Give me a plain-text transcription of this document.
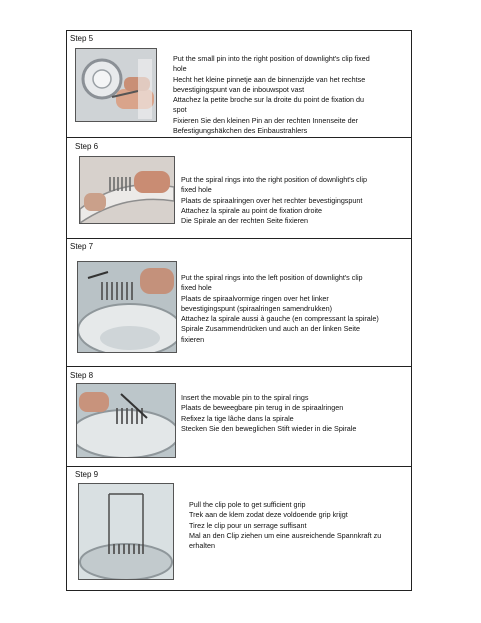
Step 5
Put the small pin into the right position of downlight's clip fixed
hole
Hecht het kleine pinnetje aan de binnenzijde van het rechtse
bevestigingspunt van de inbouwspot vast
Attachez la petite broche sur la droite du point de fixation du
spot
Fixieren Sie den kleinen Pin an der rechten Innenseite der
Befestigungshäkchen des Einbaustrahlers
Step 6
Put the spiral rings into the right position of downlight's clip
fixed hole
Plaats de spiraalringen over het rechter bevestigingspunt
Attachez la spirale au point de fixation droite
Die Spirale an der rechten Seite fixieren
Step 7
Put the spiral rings into the left position of downlight's clip
fixed hole
Plaats de spiraalvormige ringen over het linker
bevestigingspunt (spiraalringen samendrukken)
Attachez la spirale aussi à gauche (en compressant la spirale)
Spirale Zusammendrücken und auch an der linken Seite
fixieren
Step 8
Insert the movable pin to the spiral rings
Plaats de beweegbare pin terug in de spiraalringen
Refixez la tige lâche dans la spirale
Stecken Sie den beweglichen Stift wieder in die Spirale
Step 9
Pull the clip pole to get sufficient grip
Trek aan de klem zodat deze voldoende grip krijgt
Tirez le clip pour un serrage suffisant
Mal an den Clip ziehen um eine ausreichende Spannkraft zu
erhalten
